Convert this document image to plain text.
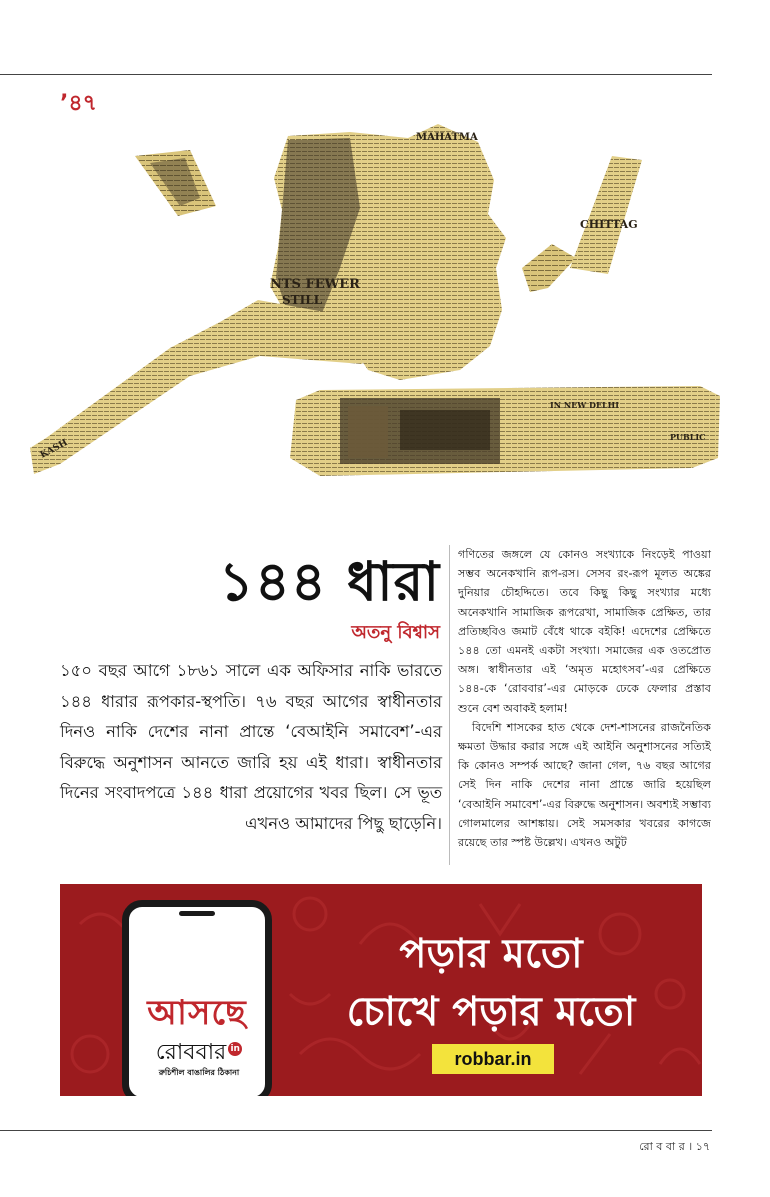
’৪৭
MAHATMA
NTS FEWER
STILL
KASH
CHITTAG
IN NEW DELHI
PUBLIC
১৪৪ ধারা
অতনু বিশ্বাস
১৫০ বছর আগে ১৮৬১ সালে এক অফিসার নাকি ভারতে ১৪৪ ধারার রূপকার-স্থপতি। ৭৬ বছর আগের স্বাধীনতার দিনও নাকি দেশের নানা প্রান্তে ‘বেআইনি সমাবেশ’-এর বিরুদ্ধে অনুশাসন আনতে জারি হয় এই ধারা। স্বাধীনতার দিনের সংবাদপত্রে ১৪৪ ধারা প্রয়োগের খবর ছিল। সে ভূত এখনও আমাদের পিছু ছাড়েনি।

গণিতের জঙ্গলে যে কোনও সংখ্যাকে নিংড়েই পাওয়া সম্ভব অনেকখানি রূপ-রস। সেসব রং-রূপ মূলত অঙ্কের দুনিয়ার চৌহদ্দিতে। তবে কিছু কিছু সংখ্যার মধ্যে অনেকখানি সামাজিক রূপরেখা, সামাজিক প্রেক্ষিত, তার প্রতিচ্ছবিও জমাট বেঁধে থাকে বইকি! এদেশের প্রেক্ষিতে ১৪৪ তো এমনই একটা সংখ্যা। সমাজের এক ওতপ্রোত অঙ্গ। স্বাধীনতার এই ‘অমৃত মহোৎসব’-এর প্রেক্ষিতে ১৪৪-কে ‘রোববার’-এর মোড়কে ঢেকে ফেলার প্রস্তাব শুনে বেশ অবাকই হলাম!

বিদেশি শাসকের হাত থেকে দেশ-শাসনের রাজনৈতিক ক্ষমতা উদ্ধার করার সঙ্গে এই আইনি অনুশাসনের সত্যিই কি কোনও সম্পর্ক আছে? জানা গেল, ৭৬ বছর আগের সেই দিন নাকি দেশের নানা প্রান্তে জারি হয়েছিল ‘বেআইনি সমাবেশ’-এর বিরুদ্ধে অনুশাসন। অবশ্যই সম্ভাব্য গোলমালের আশঙ্কায়। সেই সমসকার খবরের কাগজে রয়েছে তার স্পষ্ট উল্লেখ। এখনও অটুট

আসছে
রোববার in
রুচিশীল বাঙালির ঠিকানা
পড়ার মতো
চোখে পড়ার মতো
robbar.in
রো ব বা র । ১৭
